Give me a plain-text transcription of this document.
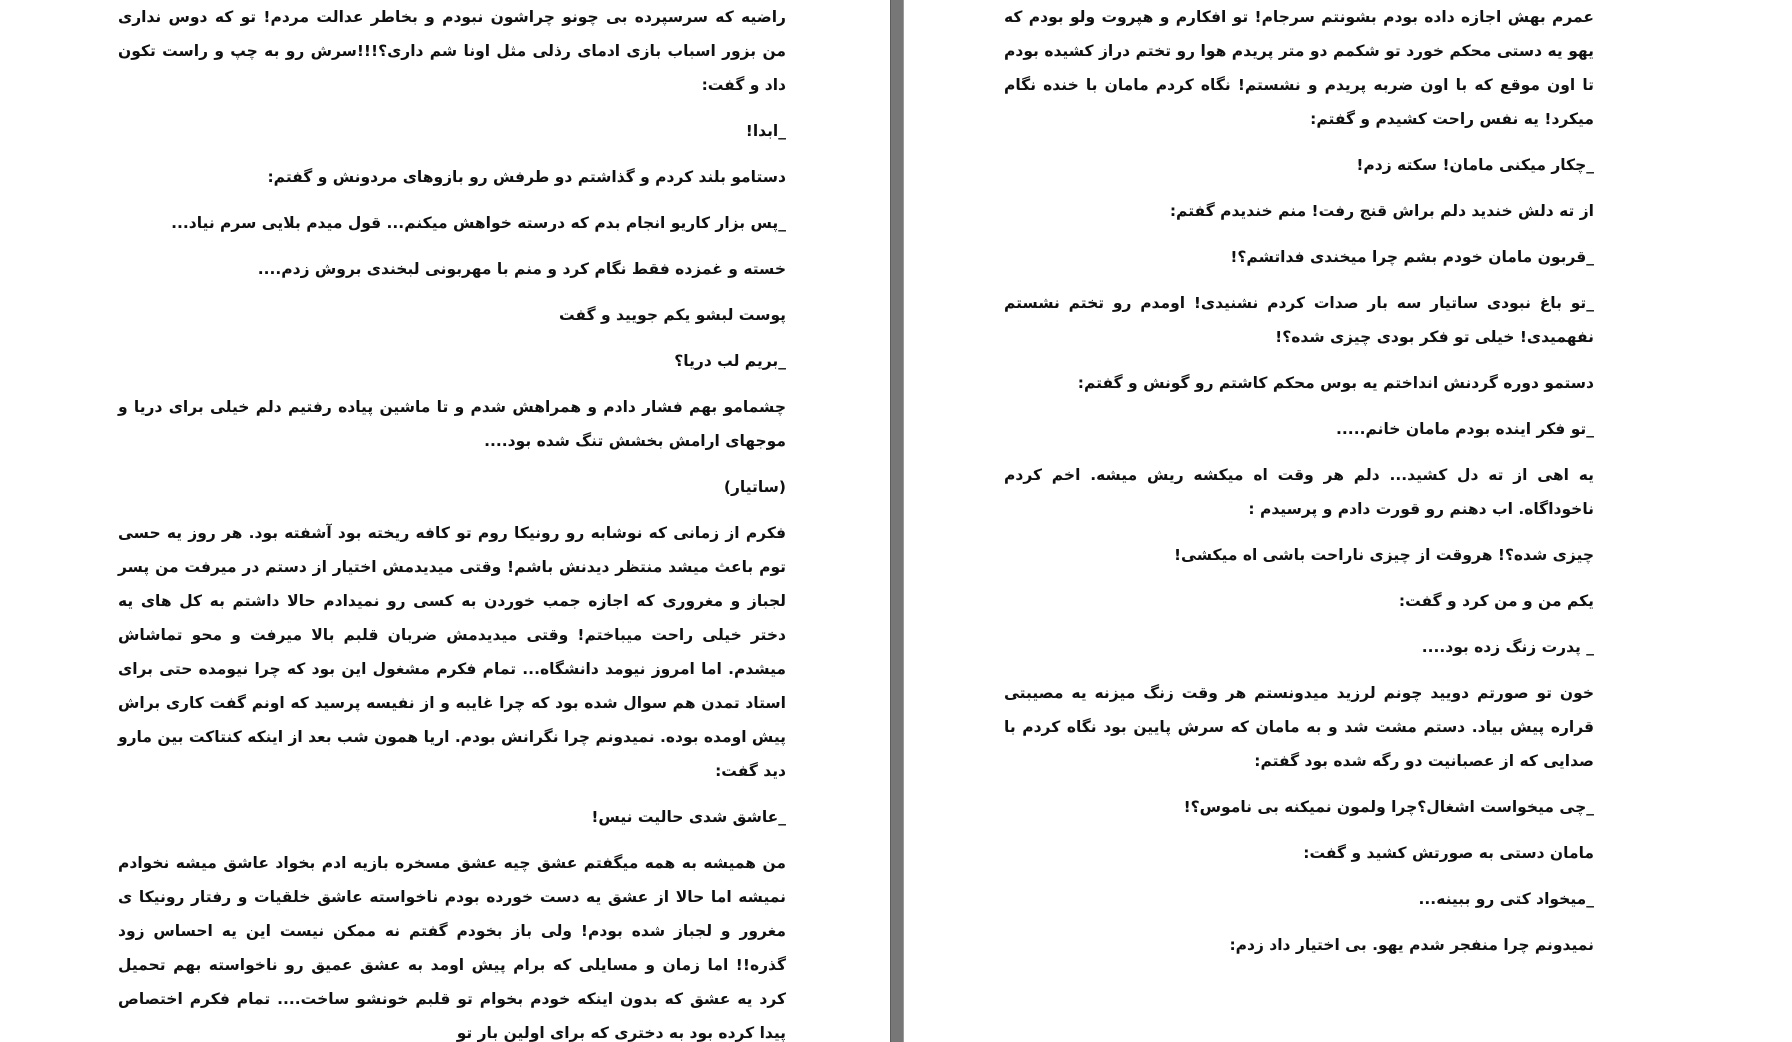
راضیه که سرسپرده بی چونو چراشون نبودم و بخاطر عدالت مردم! تو که دوس نداری من بزور اسباب بازی ادمای رذلی مثل اونا شم داری؟!!!سرش رو به چپ و راست تکون داد و گفت:

_ابدا!

دستامو بلند کردم و گذاشتم دو طرفش رو بازوهای مردونش و گفتم:

_پس بزار کاریو انجام بدم که درسته خواهش میکنم... قول میدم بلایی سرم نیاد...

خسته و غمزده فقط نگام کرد و منم با مهربونی لبخندی بروش زدم....

پوست لبشو یکم جویید و گفت

_بریم لب دریا؟

چشمامو بهم فشار دادم و همراهش شدم و تا ماشین پیاده رفتیم دلم خیلی برای دریا و موجهای ارامش بخشش تنگ شده بود....

(ساتیار)

فکرم از زمانی که نوشابه رو رونیکا روم تو کافه ریخته بود آشفته بود. هر روز یه حسی توم باعث میشد منتظر دیدنش باشم! وقتی میدیدمش اختیار از دستم در میرفت من پسر لجباز و مغروری که اجازه جمب خوردن به کسی رو نمیدادم حالا داشتم به کل های یه دختر خیلی راحت میباختم! وقتی میدیدمش ضربان قلبم بالا میرفت و محو تماشاش میشدم. اما امروز نیومد دانشگاه... تمام فکرم مشغول این بود که چرا نیومده حتی برای استاد تمدن هم سوال شده بود که چرا غایبه و از نفیسه پرسید که اونم گفت کاری براش پیش اومده بوده. نمیدونم چرا نگرانش بودم. اریا همون شب بعد از اینکه کنتاکت بین مارو دید گفت:

_عاشق شدی حالیت نیس!

من همیشه به همه میگفتم عشق چیه عشق مسخره بازیه ادم بخواد عاشق میشه نخوادم نمیشه اما حالا از عشق یه دست خورده بودم ناخواسته عاشق خلقیات و رفتار رونیکا ی مغرور و لجباز شده بودم! ولی باز بخودم گفتم نه ممکن نیست این یه احساس زود گذره!! اما زمان و مسایلی که برام پیش اومد به عشق عمیق رو ناخواسته بهم تحمیل کرد یه عشق که بدون اینکه خودم بخوام تو قلبم خونشو ساخت.... تمام فکرم اختصاص پیدا کرده بود به دختری که برای اولین بار تو

عمرم بهش اجازه داده بودم بشونتم سرجام! تو افکارم و هپروت ولو بودم که یهو یه دستی محکم خورد تو شکمم دو متر پریدم هوا رو تختم دراز کشیده بودم تا اون موقع که با اون ضربه پریدم و نشستم! نگاه کردم مامان با خنده نگام میکرد! یه نفس راحت کشیدم و گفتم:

_چکار میکنی مامان! سکته زدم!

از ته دلش خندید دلم براش قنج رفت! منم خندیدم گفتم:

_قربون مامان خودم بشم چرا میخندی فداتشم؟!

_تو باغ نبودی ساتیار سه بار صدات کردم نشنیدی! اومدم رو تختم نشستم نفهمیدی! خیلی تو فکر بودی چیزی شده؟!

دستمو دوره گردنش انداختم یه بوس محکم کاشتم رو گونش و گفتم:

_تو فکر اینده بودم مامان خانم.....

یه اهی از ته دل کشید... دلم هر وقت اه میکشه ریش میشه. اخم کردم ناخوداگاه. اب دهنم رو قورت دادم و پرسیدم :

چیزی شده؟! هروقت از چیزی ناراحت باشی اه میکشی!

یکم من و من کرد و گفت:

_ پدرت زنگ زده بود....

خون تو صورتم دویید چونم لرزید میدونستم هر وقت زنگ میزنه یه مصیبتی قراره پیش بیاد. دستم مشت شد و به مامان که سرش پایین بود نگاه کردم با صدایی که از عصبانیت دو رگه شده بود گفتم:

_چی میخواست اشغال؟چرا ولمون نمیکنه بی ناموس؟!

مامان دستی به صورتش کشید و گفت:

_میخواد کتی رو ببینه...

نمیدونم چرا منفجر شدم یهو. بی اختیار داد زدم:
